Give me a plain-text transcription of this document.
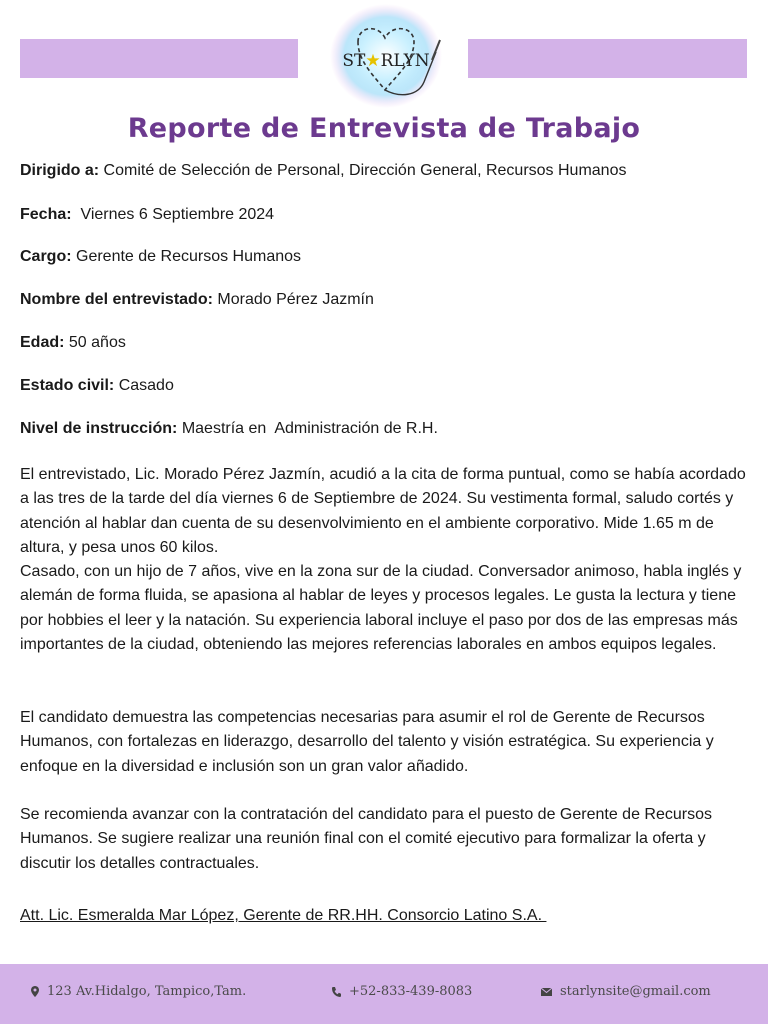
ST★RLYN
Reporte de Entrevista de Trabajo
Dirigido a: Comité de Selección de Personal, Dirección General, Recursos Humanos
Fecha:  Viernes 6 Septiembre 2024
Cargo: Gerente de Recursos Humanos
Nombre del entrevistado: Morado Pérez Jazmín
Edad: 50 años
Estado civil: Casado
Nivel de instrucción: Maestría en  Administración de R.H.

El entrevistado, Lic. Morado Pérez Jazmín, acudió a la cita de forma puntual, como se había acordado a las tres de la tarde del día viernes 6 de Septiembre de 2024. Su vestimenta formal, saludo cortés y atención al hablar dan cuenta de su desenvolvimiento en el ambiente corporativo. Mide 1.65 m de altura, y pesa unos 60 kilos.

Casado, con un hijo de 7 años, vive en la zona sur de la ciudad. Conversador animoso, habla inglés y alemán de forma fluida, se apasiona al hablar de leyes y procesos legales. Le gusta la lectura y tiene por hobbies el leer y la natación. Su experiencia laboral incluye el paso por dos de las empresas más importantes de la ciudad, obteniendo las mejores referencias laborales en ambos equipos legales.

El candidato demuestra las competencias necesarias para asumir el rol de Gerente de Recursos Humanos, con fortalezas en liderazgo, desarrollo del talento y visión estratégica. Su experiencia y enfoque en la diversidad e inclusión son un gran valor añadido.

Se recomienda avanzar con la contratación del candidato para el puesto de Gerente de Recursos Humanos. Se sugiere realizar una reunión final con el comité ejecutivo para formalizar la oferta y discutir los detalles contractuales.

Att. Lic. Esmeralda Mar López, Gerente de RR.HH. Consorcio Latino S.A.
123 Av.Hidalgo, Tampico,Tam.	+52-833-439-8083	starlynsite@gmail.com
